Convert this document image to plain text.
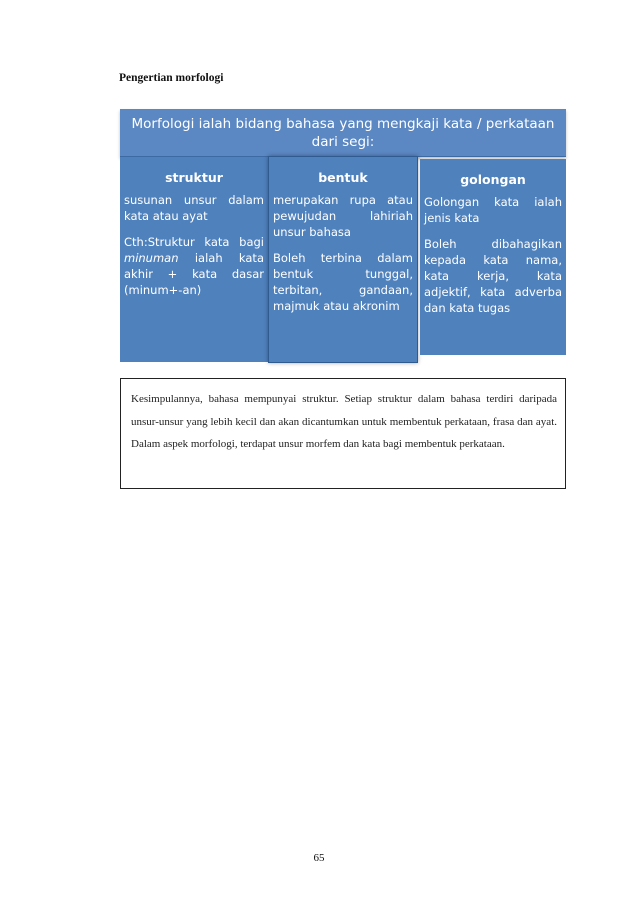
Pengertian morfologi
Morfologi ialah bidang bahasa yang mengkaji kata / perkataan dari segi:
struktur

susunan unsur dalam kata atau ayat

Cth:Struktur kata bagi minuman ialah kata akhir + kata dasar (minum+-an)

bentuk

merupakan rupa atau pewujudan lahiriah unsur bahasa

Boleh terbina dalam bentuk tunggal, terbitan, gandaan, majmuk atau akronim

golongan

Golongan kata ialah jenis kata

Boleh dibahagikan kepada kata nama, kata kerja, kata adjektif, kata adverba dan kata tugas

Kesimpulannya, bahasa mempunyai struktur. Setiap struktur dalam bahasa terdiri daripada unsur-unsur yang lebih kecil dan akan dicantumkan untuk membentuk perkataan, frasa dan ayat. Dalam aspek morfologi, terdapat unsur morfem dan kata bagi membentuk perkataan.
65
